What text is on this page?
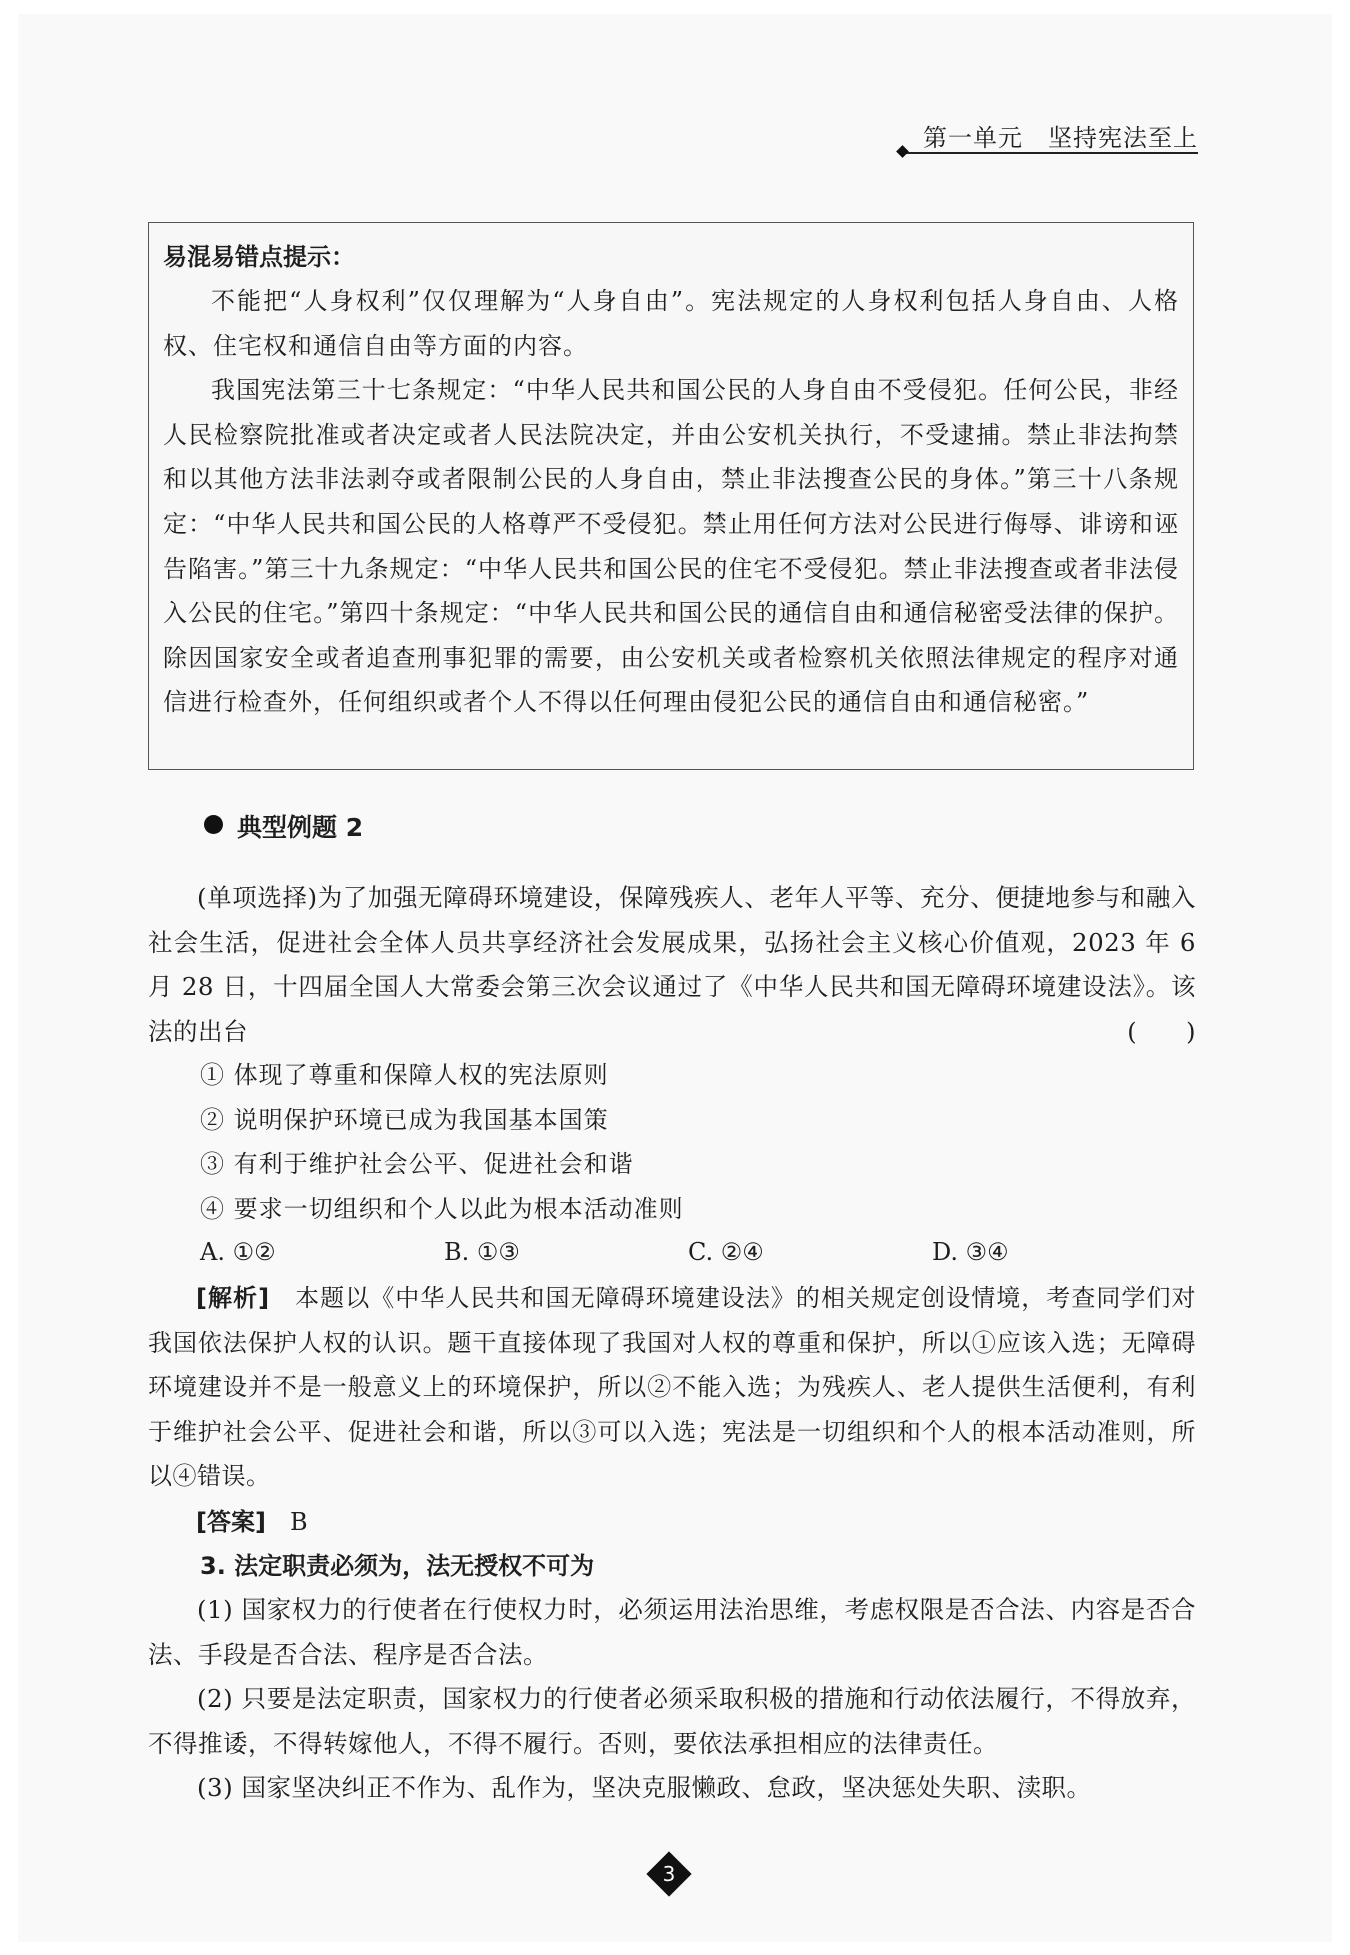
第一单元　坚持宪法至上
易混易错点提示：

不能把“人身权利”仅仅理解为“人身自由”。宪法规定的人身权利包括人身自由、人格权、住宅权和通信自由等方面的内容。

我国宪法第三十七条规定：“中华人民共和国公民的人身自由不受侵犯。任何公民，非经人民检察院批准或者决定或者人民法院决定，并由公安机关执行，不受逮捕。禁止非法拘禁和以其他方法非法剥夺或者限制公民的人身自由，禁止非法搜查公民的身体。”第三十八条规定：“中华人民共和国公民的人格尊严不受侵犯。禁止用任何方法对公民进行侮辱、诽谤和诬告陷害。”第三十九条规定：“中华人民共和国公民的住宅不受侵犯。禁止非法搜查或者非法侵入公民的住宅。”第四十条规定：“中华人民共和国公民的通信自由和通信秘密受法律的保护。除因国家安全或者追查刑事犯罪的需要，由公安机关或者检察机关依照法律规定的程序对通信进行检查外，任何组织或者个人不得以任何理由侵犯公民的通信自由和通信秘密。”

典型例题 2

(单项选择)为了加强无障碍环境建设，保障残疾人、老年人平等、充分、便捷地参与和融入社会生活，促进社会全体人员共享经济社会发展成果，弘扬社会主义核心价值观，2023 年 6 月 28 日，十四届全国人大常委会第三次会议通过了《中华人民共和国无障碍环境建设法》。该法的出台	(　　)

① 体现了尊重和保障人权的宪法原则
② 说明保护环境已成为我国基本国策
③ 有利于维护社会公平、促进社会和谐
④ 要求一切组织和个人以此为根本活动准则
A. ①②	B. ①③	C. ②④	D. ③④

[解析]　 本题以《中华人民共和国无障碍环境建设法》的相关规定创设情境，考查同学们对我国依法保护人权的认识。题干直接体现了我国对人权的尊重和保护，所以①应该入选；无障碍环境建设并不是一般意义上的环境保护，所以②不能入选；为残疾人、老人提供生活便利，有利于维护社会公平、促进社会和谐，所以③可以入选；宪法是一切组织和个人的根本活动准则，所以④错误。

[答案]　 B

3. 法定职责必须为，法无授权不可为

(1) 国家权力的行使者在行使权力时，必须运用法治思维，考虑权限是否合法、内容是否合法、手段是否合法、程序是否合法。

(2) 只要是法定职责，国家权力的行使者必须采取积极的措施和行动依法履行，不得放弃，不得推诿，不得转嫁他人，不得不履行。否则，要依法承担相应的法律责任。

(3) 国家坚决纠正不作为、乱作为，坚决克服懒政、怠政，坚决惩处失职、渎职。

3
